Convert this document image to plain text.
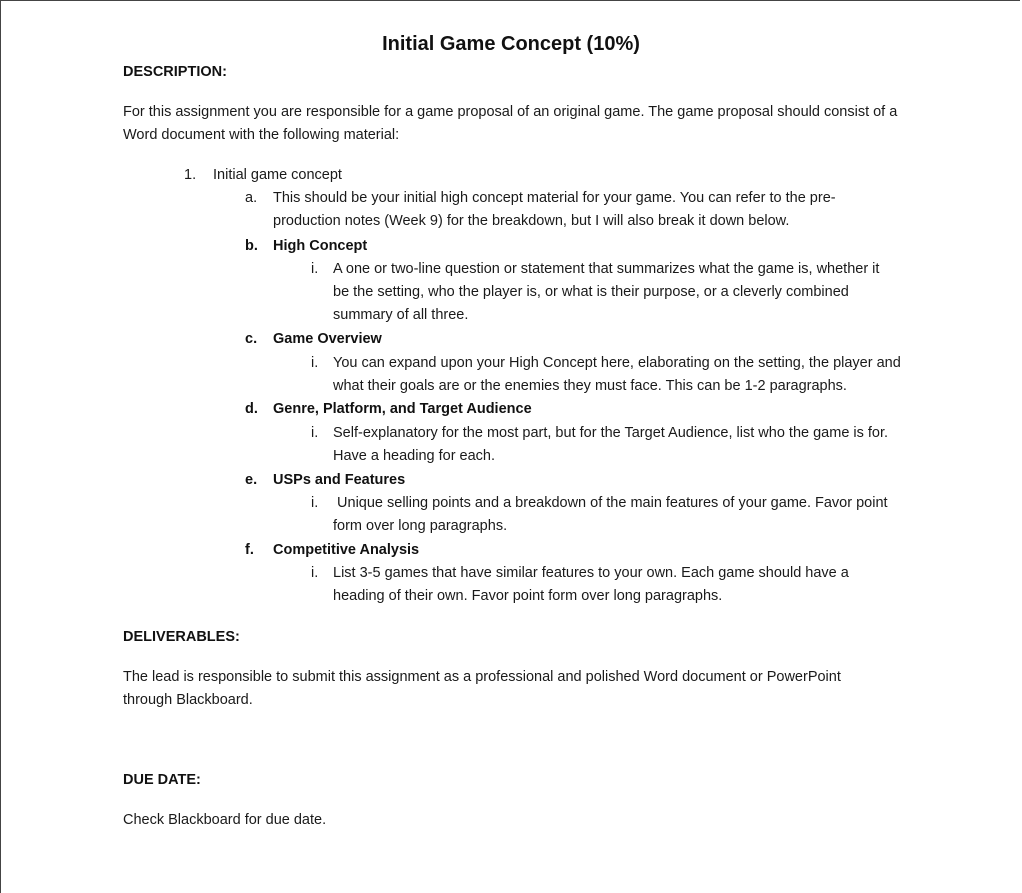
Initial Game Concept (10%)
DESCRIPTION:
For this assignment you are responsible for a game proposal of an original game. The game proposal should consist of a Word document with the following material:
1. Initial game concept
a. This should be your initial high concept material for your game. You can refer to the pre-production notes (Week 9) for the breakdown, but I will also break it down below.
b. High Concept
i. A one or two-line question or statement that summarizes what the game is, whether it be the setting, who the player is, or what is their purpose, or a cleverly combined summary of all three.
c. Game Overview
i. You can expand upon your High Concept here, elaborating on the setting, the player and what their goals are or the enemies they must face. This can be 1-2 paragraphs.
d. Genre, Platform, and Target Audience
i. Self-explanatory for the most part, but for the Target Audience, list who the game is for. Have a heading for each.
e. USPs and Features
i. Unique selling points and a breakdown of the main features of your game. Favor point form over long paragraphs.
f. Competitive Analysis
i. List 3-5 games that have similar features to your own. Each game should have a heading of their own. Favor point form over long paragraphs.
DELIVERABLES:
The lead is responsible to submit this assignment as a professional and polished Word document or PowerPoint through Blackboard.
DUE DATE:
Check Blackboard for due date.
